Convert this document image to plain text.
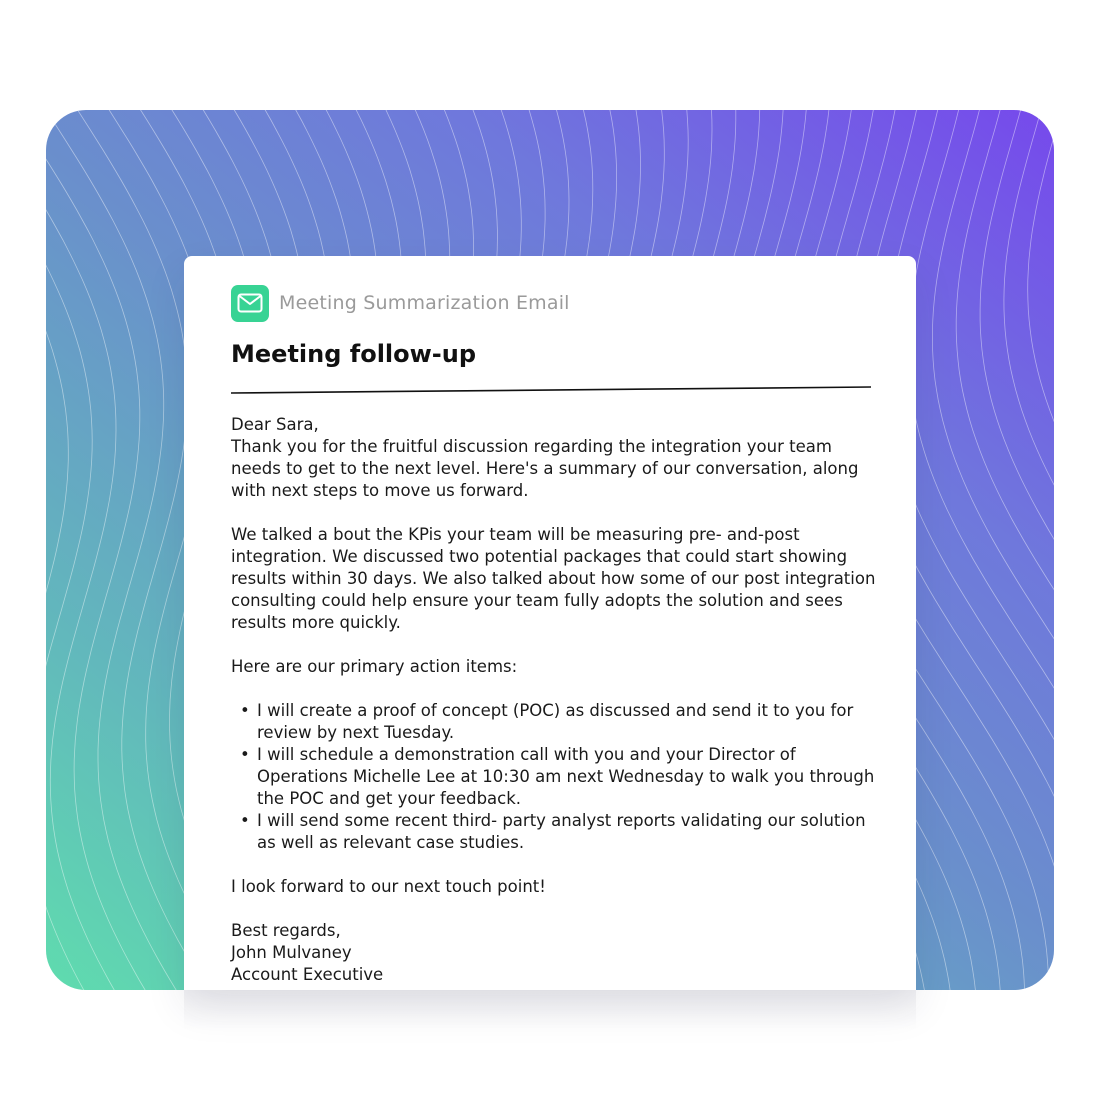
Meeting Summarization Email
Meeting follow-up

Dear Sara,

Thank you for the fruitful discussion regarding the integration your team needs to get to the next level. Here's a summary of our conversation, along with next steps to move us forward.

We talked a bout the KPis your team will be measuring pre- and-post integration. We discussed two potential packages that could start showing results within 30 days. We also talked about how some of our post integration consulting could help ensure your team fully adopts the solution and sees results more quickly.

Here are our primary action items:

• I will create a proof of concept (POC) as discussed and send it to you for review by next Tuesday.
• I will schedule a demonstration call with you and your Director of Operations Michelle Lee at 10:30 am next Wednesday to walk you through the POC and get your feedback.
• I will send some recent third- party analyst reports validating our solution as well as relevant case studies.

I look forward to our next touch point!

Best regards,

John Mulvaney

Account Executive
